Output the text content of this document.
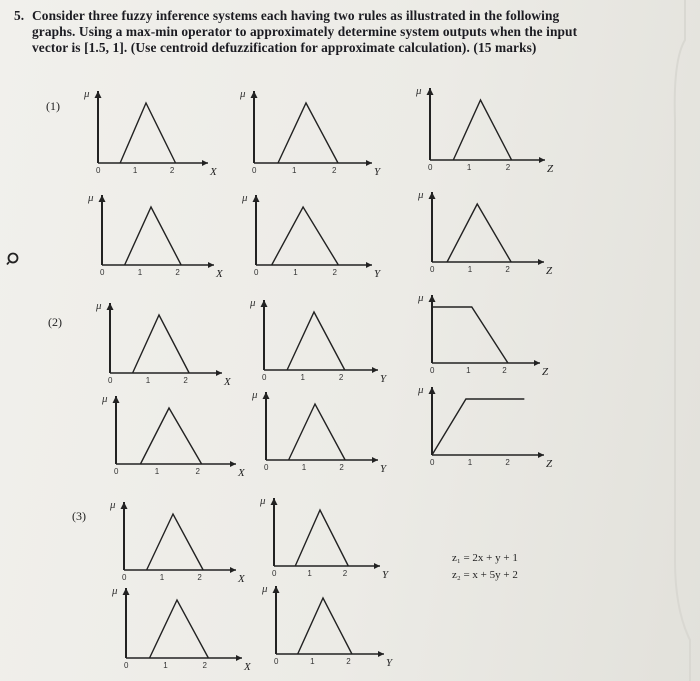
5. Consider three fuzzy inference systems each having two rules as illustrated in the following
graphs. Using a max-min operator to approximately determine system outputs when the input
vector is [1.5, 1]. (Use centroid defuzzification for approximate calculation). (15 marks)
(1)
(2)
(3)
μ
0	1	2	X
μ
0	1	2	Y
μ
0	1	2	Z
μ
0	1	2	X
μ
0	1	2	Y
μ
0	1	2	Z
μ
0	1	2	X
μ
0	1	2	Y
μ
0	1	2	Z
μ
0	1	2	X
μ
0	1	2	Y
μ
0	1	2	Z
μ
0	1	2	X
μ
0	1	2	Y
μ
0	1	2	X
μ
0	1	2	Y
z₁ = 2x + y + 1
z₂ = x + 5y + 2
